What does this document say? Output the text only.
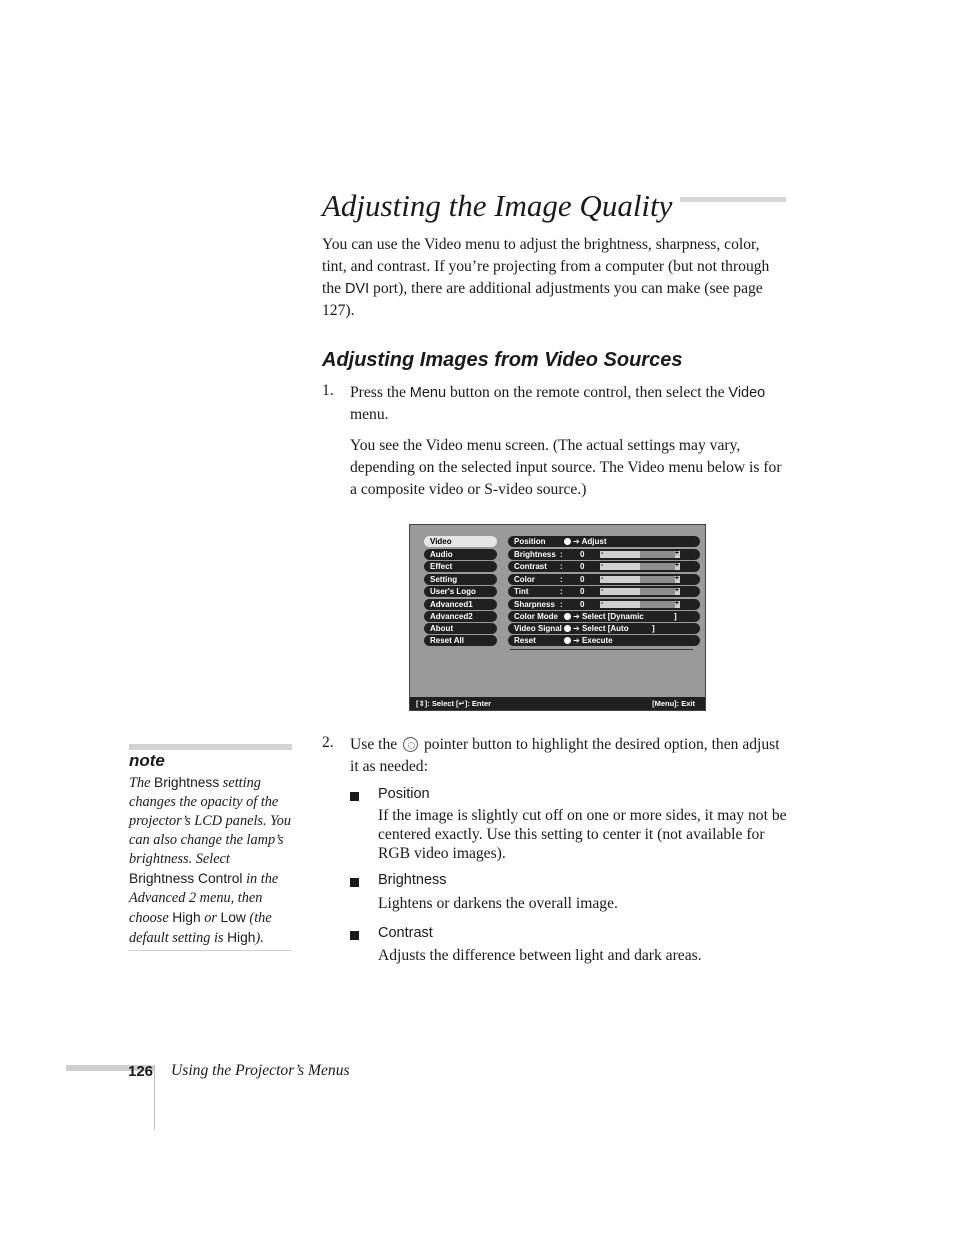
Adjusting the Image Quality

You can use the Video menu to adjust the brightness, sharpness, color, tint, and contrast. If you’re projecting from a computer (but not through the DVI port), there are additional adjustments you can make (see page 127).

Adjusting Images from Video Sources
1. Press the Menu button on the remote control, then select the Video menu.

You see the Video menu screen. (The actual settings may vary, depending on the selected input source. The Video menu below is for a composite video or S-video source.)

Video
Audio
Effect
Setting
User's Logo
Advanced1
Advanced2
About
Reset All
Position	➔ Adjust
Brightness : 0 -	+
Contrast : 0 -	+
Color	: 0 -	+
Tint	: 0 -	+
Sharpness : 0 -	+
Color Mode	➔ Select [Dynamic	]
Video Signal	➔ Select [Auto	]
Reset	➔ Execute
[⇕]: Select [↵]: Enter	[Menu]: Exit
2. Use the  pointer button to highlight the desired option, then adjust it as needed:

Position
If the image is slightly cut off on one or more sides, it may not be centered exactly. Use this setting to center it (not available for RGB video images).
Brightness
Lightens or darkens the overall image.
Contrast
Adjusts the difference between light and dark areas.
note

The Brightness setting changes the opacity of the projector’s LCD panels. You can also change the lamp’s brightness. Select Brightness Control in the Advanced 2 menu, then choose High or Low (the default setting is High).

126 Using the Projector’s Menus
